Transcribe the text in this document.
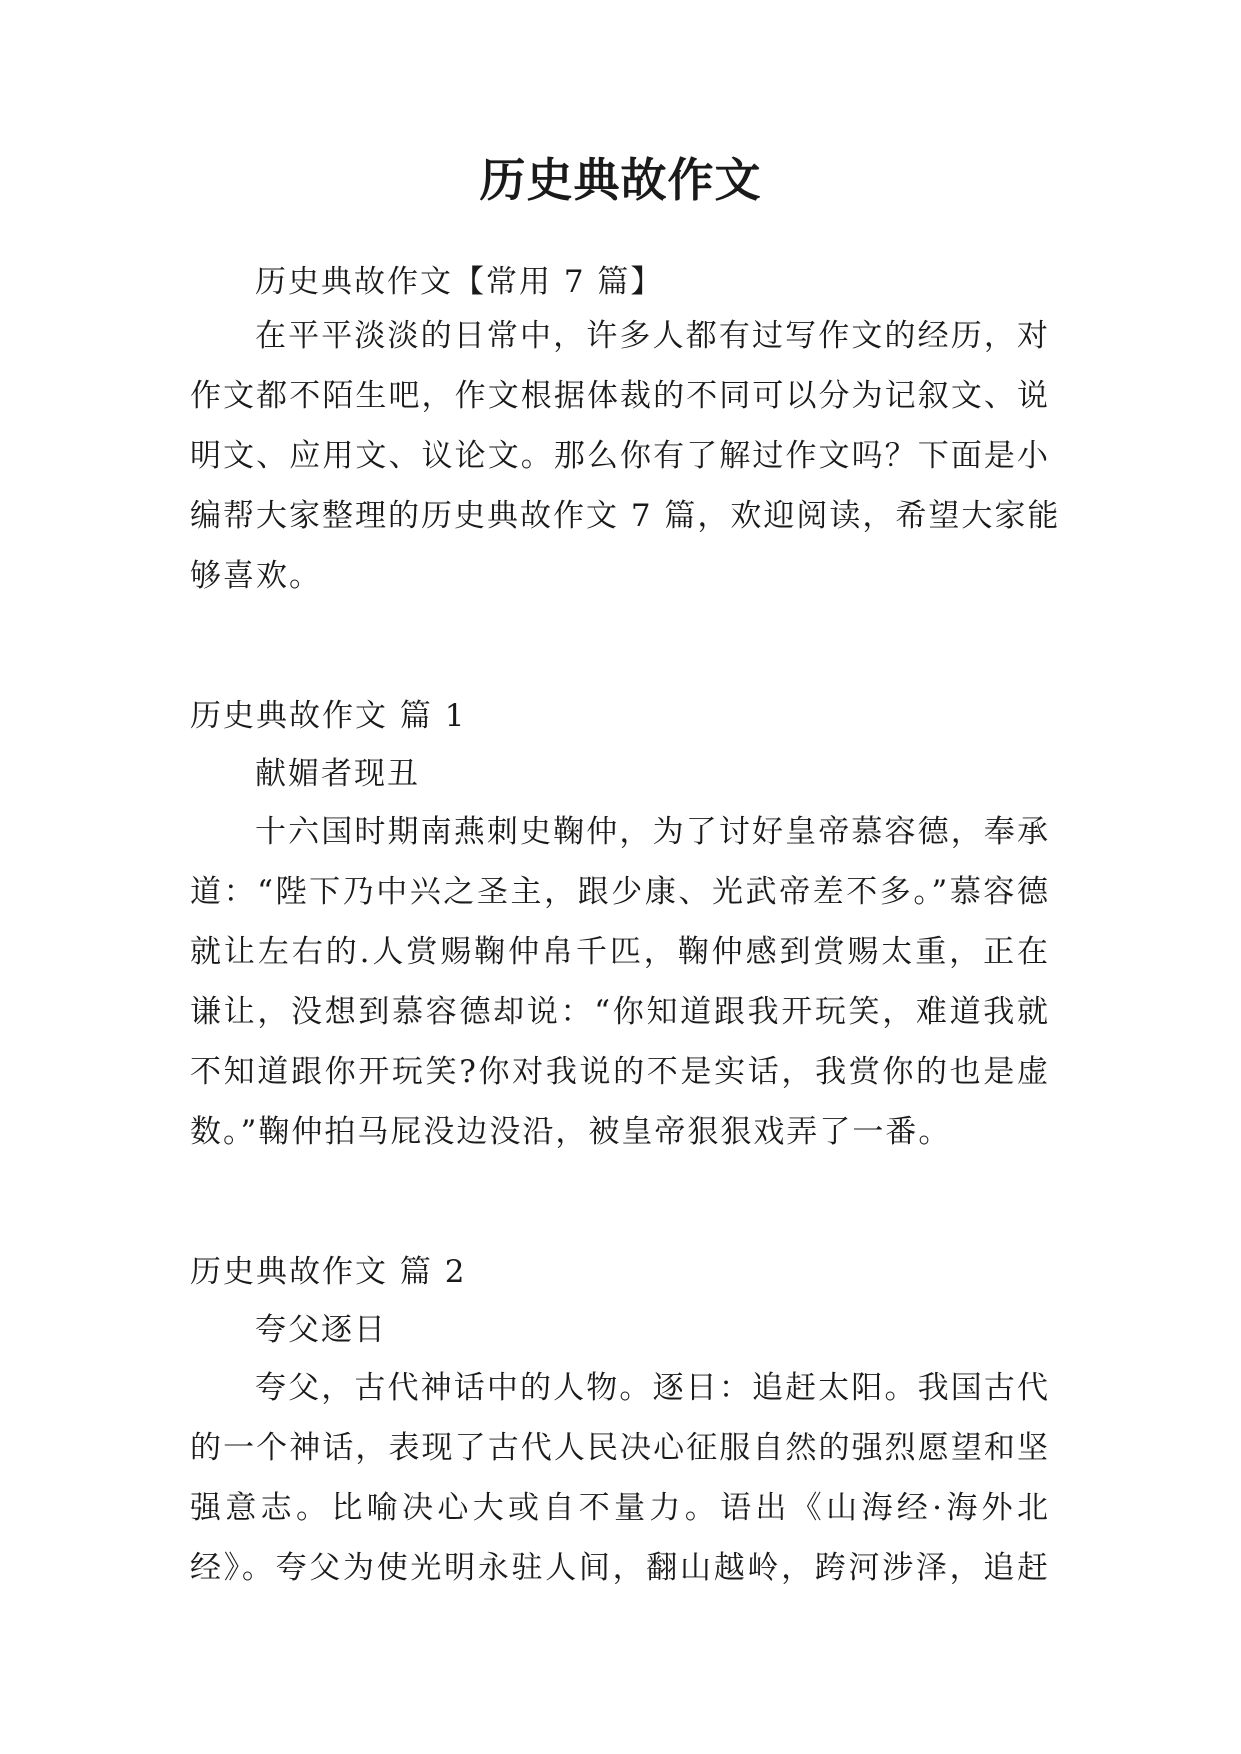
历史典故作文
历史典故作文【常用 7 篇】
在平平淡淡的日常中，许多人都有过写作文的经历，对
作文都不陌生吧，作文根据体裁的不同可以分为记叙文、说
明文、应用文、议论文。那么你有了解过作文吗？下面是小
编帮大家整理的历史典故作文 7 篇，欢迎阅读，希望大家能
够喜欢。
历史典故作文 篇 1
献媚者现丑
十六国时期南燕刺史鞠仲，为了讨好皇帝慕容德，奉承
道：“陛下乃中兴之圣主，跟少康、光武帝差不多。”慕容德
就让左右的.人赏赐鞠仲帛千匹，鞠仲感到赏赐太重，正在
谦让，没想到慕容德却说：“你知道跟我开玩笑，难道我就
不知道跟你开玩笑?你对我说的不是实话，我赏你的也是虚
数。”鞠仲拍马屁没边没沿，被皇帝狠狠戏弄了一番。
历史典故作文 篇 2
夸父逐日
夸父，古代神话中的人物。逐日：追赶太阳。我国古代
的一个神话，表现了古代人民决心征服自然的强烈愿望和坚
强意志。比喻决心大或自不量力。语出《山海经·海外北
经》。夸父为使光明永驻人间，翻山越岭，跨河涉泽，追赶
